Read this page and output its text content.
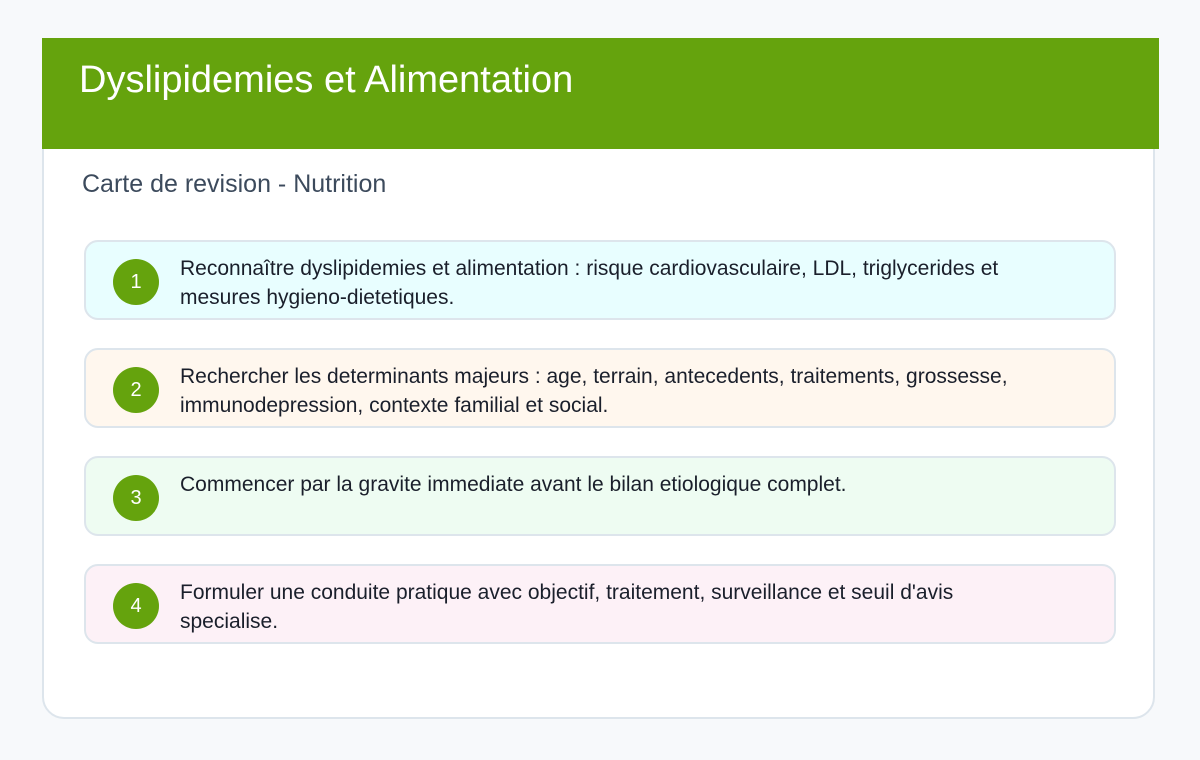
Dyslipidemies et Alimentation
Carte de revision - Nutrition
1

Reconnaître dyslipidemies et alimentation : risque cardiovasculaire, LDL, triglycerides et mesures hygieno-dietetiques.

2

Rechercher les determinants majeurs : age, terrain, antecedents, traitements, grossesse, immunodepression, contexte familial et social.

3

Commencer par la gravite immediate avant le bilan etiologique complet.

4

Formuler une conduite pratique avec objectif, traitement, surveillance et seuil d'avis specialise.
